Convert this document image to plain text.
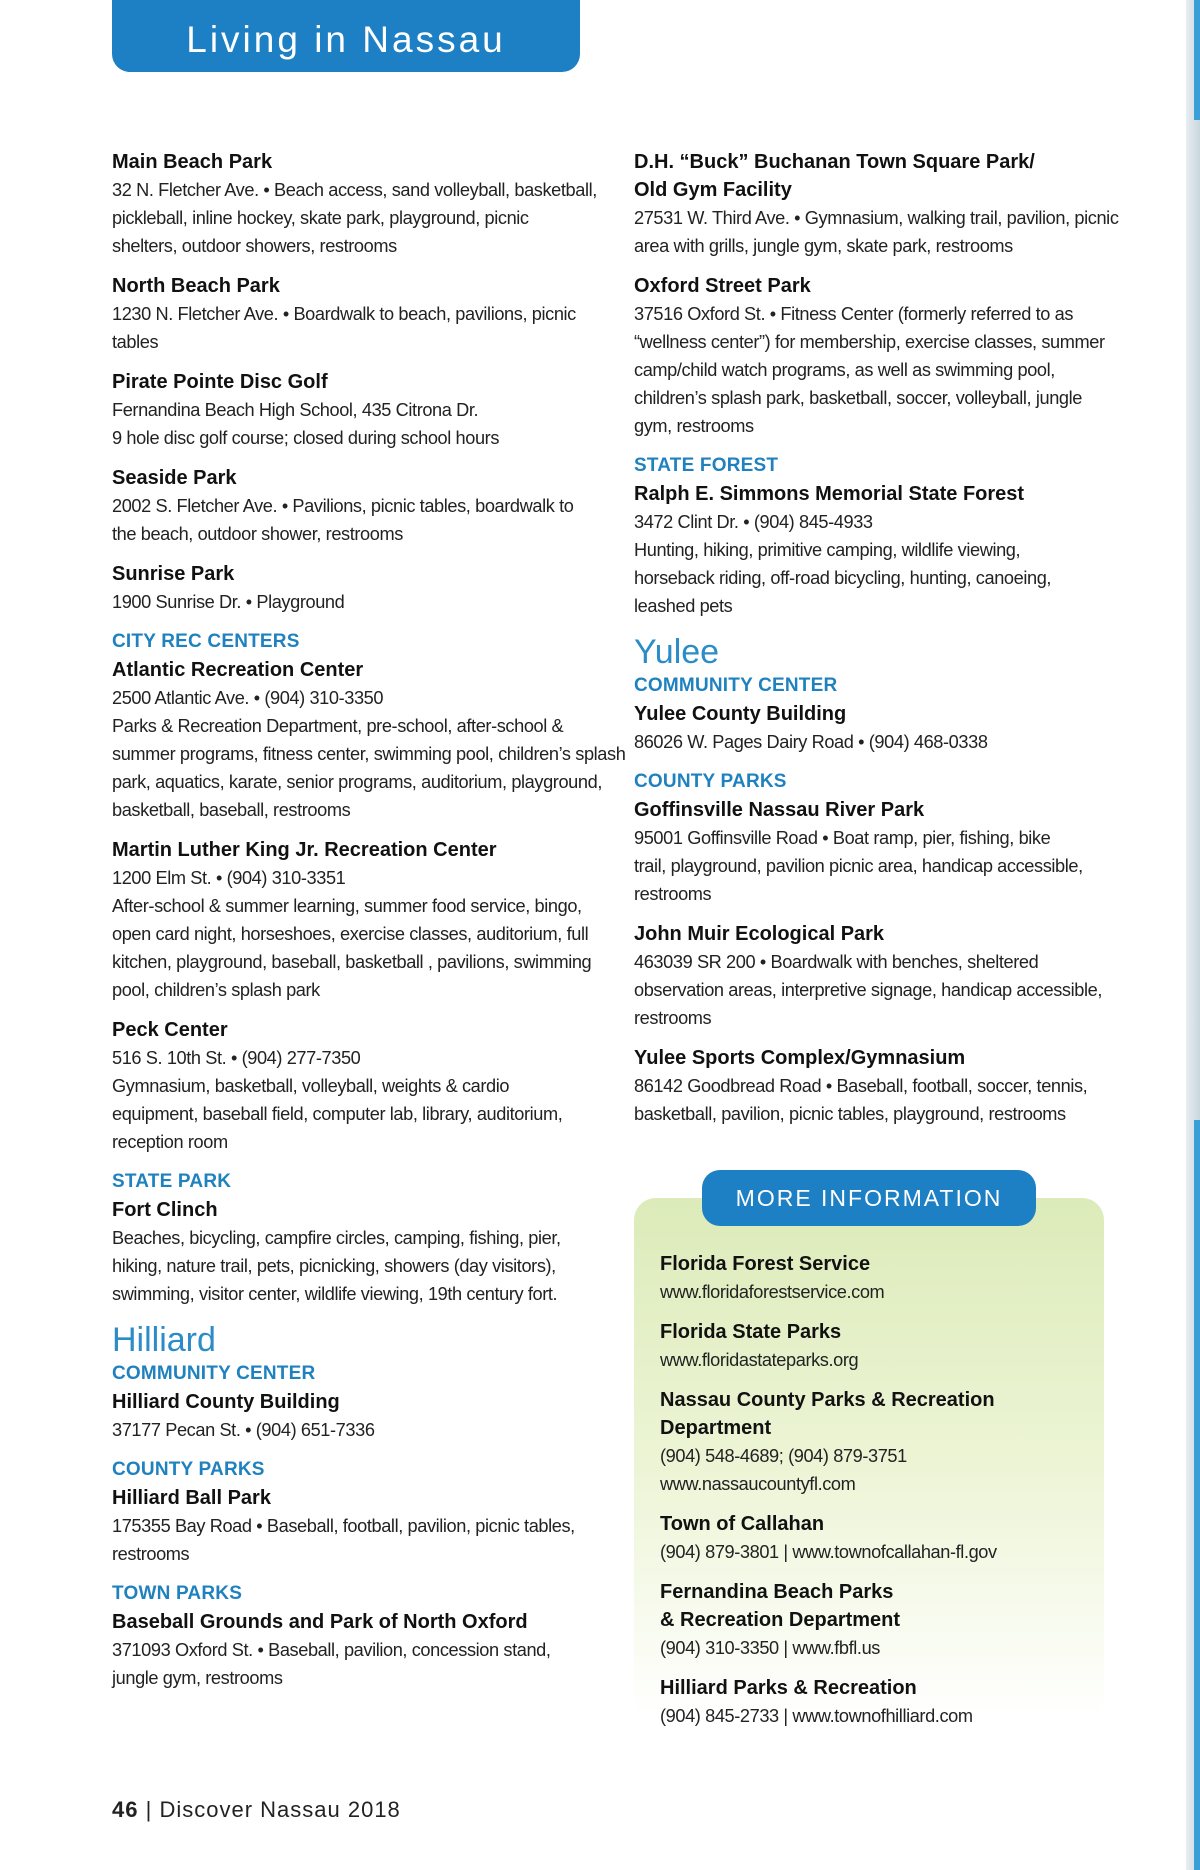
Living in Nassau
Main Beach Park
32 N. Fletcher Ave. • Beach access, sand volleyball, basketball,
pickleball, inline hockey, skate park, playground, picnic
shelters, outdoor showers, restrooms
North Beach Park
1230 N. Fletcher Ave. • Boardwalk to beach, pavilions, picnic
tables
Pirate Pointe Disc Golf
Fernandina Beach High School, 435 Citrona Dr.
9 hole disc golf course; closed during school hours
Seaside Park
2002 S. Fletcher Ave. • Pavilions, picnic tables, boardwalk to
the beach, outdoor shower, restrooms
Sunrise Park
1900 Sunrise Dr. • Playground
CITY REC CENTERS
Atlantic Recreation Center
2500 Atlantic Ave. • (904) 310-3350
Parks & Recreation Department, pre-school, after-school &
summer programs, fitness center, swimming pool, children’s splash
park, aquatics, karate, senior programs, auditorium, playground,
basketball, baseball, restrooms
Martin Luther King Jr. Recreation Center
1200 Elm St. • (904) 310-3351
After-school & summer learning, summer food service, bingo,
open card night, horseshoes, exercise classes, auditorium, full
kitchen, playground, baseball, basketball , pavilions, swimming
pool, children’s splash park
Peck Center
516 S. 10th St. • (904) 277-7350
Gymnasium, basketball, volleyball, weights & cardio
equipment, baseball field, computer lab, library, auditorium,
reception room
STATE PARK
Fort Clinch
Beaches, bicycling, campfire circles, camping, fishing, pier,
hiking, nature trail, pets, picnicking, showers (day visitors),
swimming, visitor center, wildlife viewing, 19th century fort.
Hilliard
COMMUNITY CENTER
Hilliard County Building
37177 Pecan St. • (904) 651-7336
COUNTY PARKS
Hilliard Ball Park
175355 Bay Road • Baseball, football, pavilion, picnic tables,
restrooms
TOWN PARKS
Baseball Grounds and Park of North Oxford
371093 Oxford St. • Baseball, pavilion, concession stand,
jungle gym, restrooms
D.H. “Buck” Buchanan Town Square Park/
Old Gym Facility
27531 W. Third Ave. • Gymnasium, walking trail, pavilion, picnic
area with grills, jungle gym, skate park, restrooms
Oxford Street Park
37516 Oxford St. • Fitness Center (formerly referred to as
“wellness center”) for membership, exercise classes, summer
camp/child watch programs, as well as swimming pool,
children’s splash park, basketball, soccer, volleyball, jungle
gym, restrooms
STATE FOREST
Ralph E. Simmons Memorial State Forest
3472 Clint Dr. • (904) 845-4933
Hunting, hiking, primitive camping, wildlife viewing,
horseback riding, off-road bicycling, hunting, canoeing,
leashed pets
Yulee
COMMUNITY CENTER
Yulee County Building
86026 W. Pages Dairy Road • (904) 468-0338
COUNTY PARKS
Goffinsville Nassau River Park
95001 Goffinsville Road • Boat ramp, pier, fishing, bike
trail, playground, pavilion picnic area, handicap accessible,
restrooms
John Muir Ecological Park
463039 SR 200 • Boardwalk with benches, sheltered
observation areas, interpretive signage, handicap accessible,
restrooms
Yulee Sports Complex/Gymnasium
86142 Goodbread Road • Baseball, football, soccer, tennis,
basketball, pavilion, picnic tables, playground, restrooms
MORE INFORMATION
Florida Forest Service
www.floridaforestservice.com
Florida State Parks
www.floridastateparks.org
Nassau County Parks & Recreation Department
(904) 548-4689; (904) 879-3751
www.nassaucountyfl.com
Town of Callahan
(904) 879-3801 | www.townofcallahan-fl.gov
Fernandina Beach Parks
& Recreation Department
(904) 310-3350 | www.fbfl.us
Hilliard Parks & Recreation
(904) 845-2733 | www.townofhilliard.com
46 | Discover Nassau 2018
